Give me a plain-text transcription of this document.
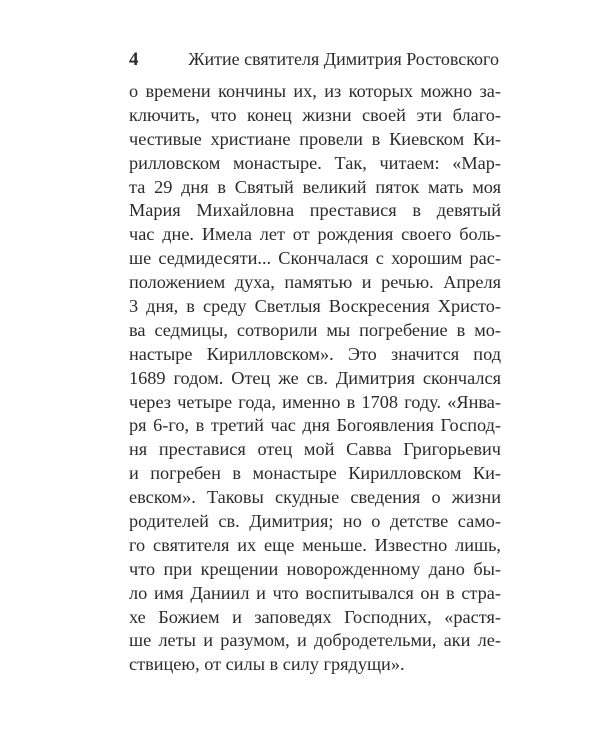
4	Житие святителя Димитрия Ростовского
о времени кончины их, из которых можно за-
ключить, что конец жизни своей эти благо-
честивые христиане провели в Киевском Ки-
рилловском монастыре. Так, читаем: «Мар-
та 29 дня в Святый великий пяток мать моя
Мария Михайловна преставися в девятый
час дне. Имела лет от рождения своего боль-
ше седмидесяти... Скончалася с хорошим рас-
положением духа, памятью и речью. Апреля
3 дня, в среду Светлыя Воскресения Христо-
ва седмицы, сотворили мы погребение в мо-
настыре Кирилловском». Это значится под
1689 годом. Отец же св. Димитрия скончался
через четыре года, именно в 1708 году. «Янва-
ря 6-го, в третий час дня Богоявления Господ-
ня преставися отец мой Савва Григорьевич
и погребен в монастыре Кирилловском Ки-
евском». Таковы скудные сведения о жизни
родителей св. Димитрия; но о детстве само-
го святителя их еще меньше. Известно лишь,
что при крещении новорожденному дано бы-
ло имя Даниил и что воспитывался он в стра-
хе Божием и заповедях Господних, «растя-
ше леты и разумом, и добродетельми, аки ле-
ствицею, от силы в силу грядущи».
